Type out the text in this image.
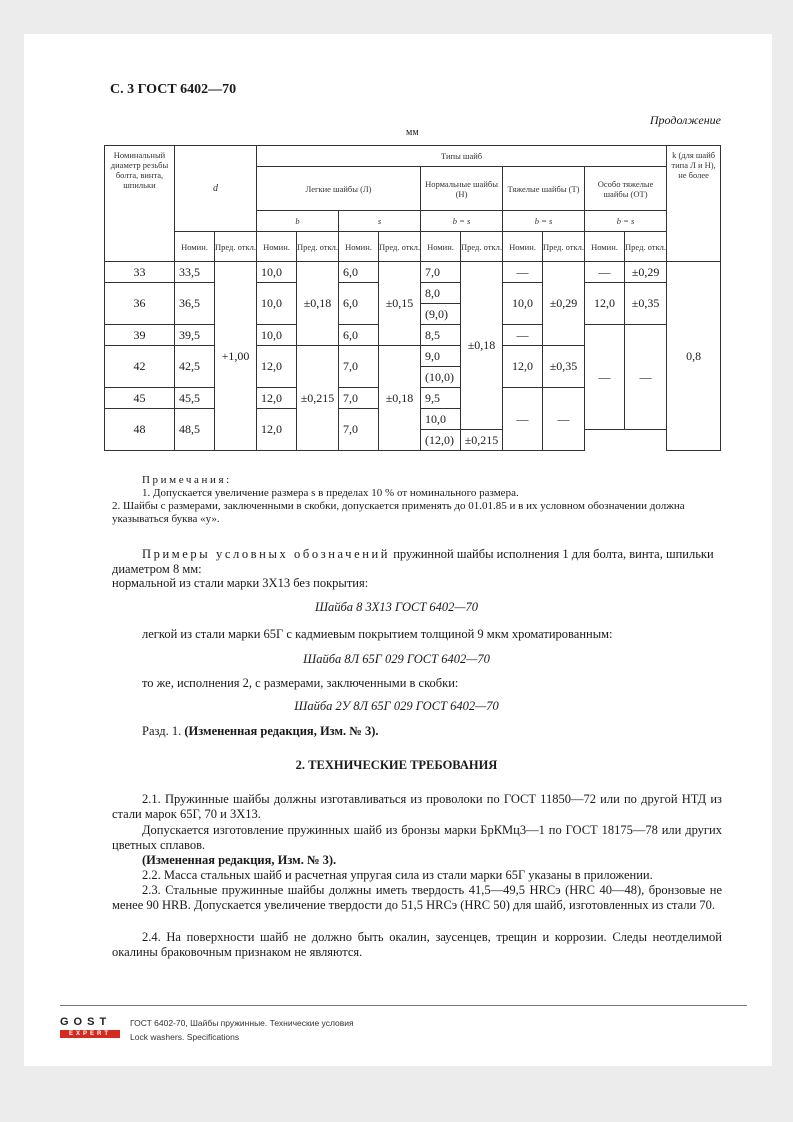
С. 3 ГОСТ 6402—70
Продолжение
мм
Номинальный диаметр резьбы болта, винта, шпильки	d		Типы шайб										k (для шайб типа Л и Н), не более
			Легкие шайбы (Л)				Нормальные шайбы (Н)		Тяжелые шайбы (Т)		Особо тяжелые шайбы (ОТ)		
			b		s		b = s		b = s		b = s		
	Номин.	Пред. откл.	Номин.	Пред. откл.	Номин.	Пред. откл.	Номин.	Пред. откл.	Номин.	Пред. откл.	Номин.	Пред. откл.	
33	33,5	+1,00	10,0	±0,18	6,0	±0,15	7,0	±0,18	—	±0,29	—	±0,29	0,8
36	36,5		10,0		6,0		8,0		10,0		12,0	±0,35	
							(9,0)						
39	39,5		10,0		6,0		8,5		—		—	—	
42	42,5		12,0	±0,215	7,0	±0,18	9,0		12,0	±0,35			
							(10,0)						
45	45,5		12,0		7,0		9,5		—	—			
48	48,5		12,0		7,0		10,0						
							(12,0)	±0,215					
Примечания:
1. Допускается увеличение размера s в пределах 10 % от номинального размера.
2. Шайбы с размерами, заключенными в скобки, допускается применять до 01.01.85 и в их условном обозначении должна указываться буква «у».
Примеры условных обозначений пружинной шайбы исполнения 1 для болта, винта, шпильки диаметром 8 мм:
нормальной из стали марки 3X13 без покрытия:
Шайба 8 3X13 ГОСТ 6402—70
легкой из стали марки 65Г с кадмиевым покрытием толщиной 9 мкм хроматированным:
Шайба 8Л 65Г 029 ГОСТ 6402—70
то же, исполнения 2, с размерами, заключенными в скобки:
Шайба 2У 8Л 65Г 029 ГОСТ 6402—70
Разд. 1. (Измененная редакция, Изм. № 3).
2. ТЕХНИЧЕСКИЕ ТРЕБОВАНИЯ
2.1. Пружинные шайбы должны изготавливаться из проволоки по ГОСТ 11850—72 или по другой НТД из стали марок 65Г, 70 и 3X13.
Допускается изготовление пружинных шайб из бронзы марки БрКМц3—1 по ГОСТ 18175—78 или других цветных сплавов.
(Измененная редакция, Изм. № 3).
2.2. Масса стальных шайб и расчетная упругая сила из стали марки 65Г указаны в приложении.
2.3. Стальные пружинные шайбы должны иметь твердость 41,5—49,5 HRCэ (HRC 40—48), бронзовые не менее 90 HRB. Допускается увеличение твердости до 51,5 HRCэ (HRC 50) для шайб, изготовленных из стали 70.
2.4. На поверхности шайб не должно быть окалин, заусенцев, трещин и коррозии. Следы неотделимой окалины браковочным признаком не являются.
GOST
EXPERT
ГОСТ 6402-70, Шайбы пружинные. Технические условия
Lock washers. Specifications
